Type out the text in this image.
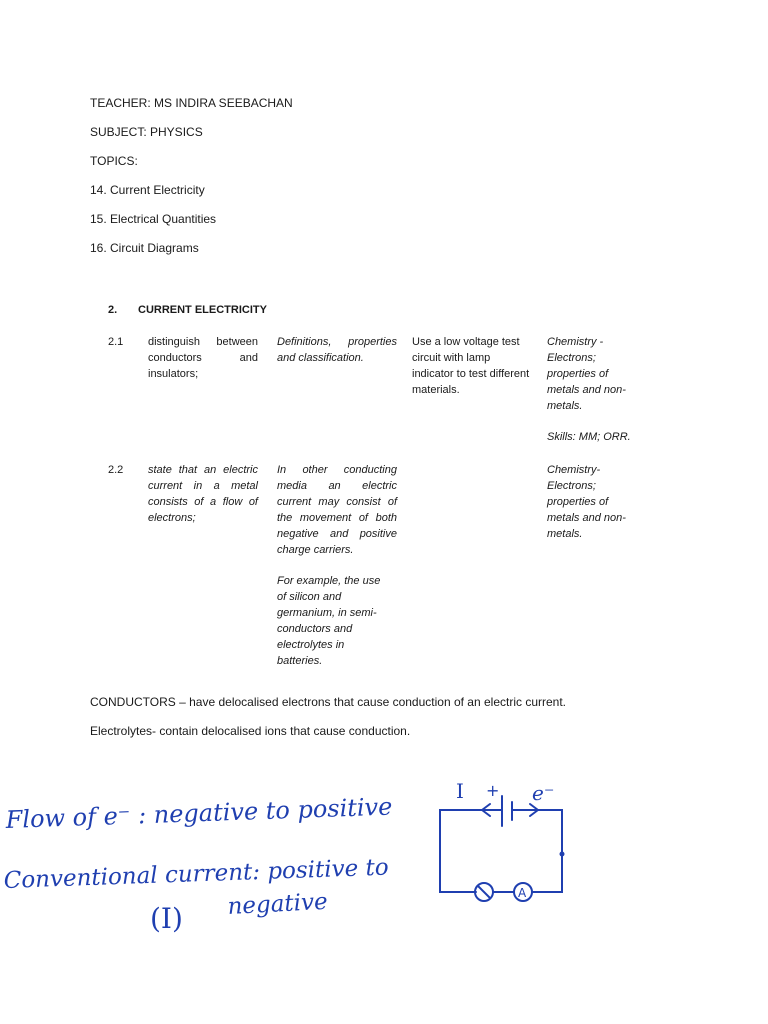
TEACHER: MS INDIRA SEEBACHAN
SUBJECT: PHYSICS
TOPICS:
14. Current Electricity
15. Electrical Quantities
16. Circuit Diagrams
2. CURRENT ELECTRICITY
2.1 distinguish between conductors and insulators;
Definitions, properties and classification.
Use a low voltage test circuit with lamp indicator to test different materials.
Chemistry - Electrons; properties of metals and non-metals.
Skills: MM; ORR.
2.2 state that an electric current in a metal consists of a flow of electrons;
In other conducting media an electric current may consist of the movement of both negative and positive charge carriers.
For example, the use of silicon and germanium, in semi-conductors and electrolytes in batteries.
Chemistry-Electrons; properties of metals and non-metals.
CONDUCTORS – have delocalised electrons that cause conduction of an electric current.
Electrolytes- contain delocalised ions that cause conduction.
Flow of e⁻ : negative to positive
Conventional current: positive to
(I) negative
I + e⁻
A
